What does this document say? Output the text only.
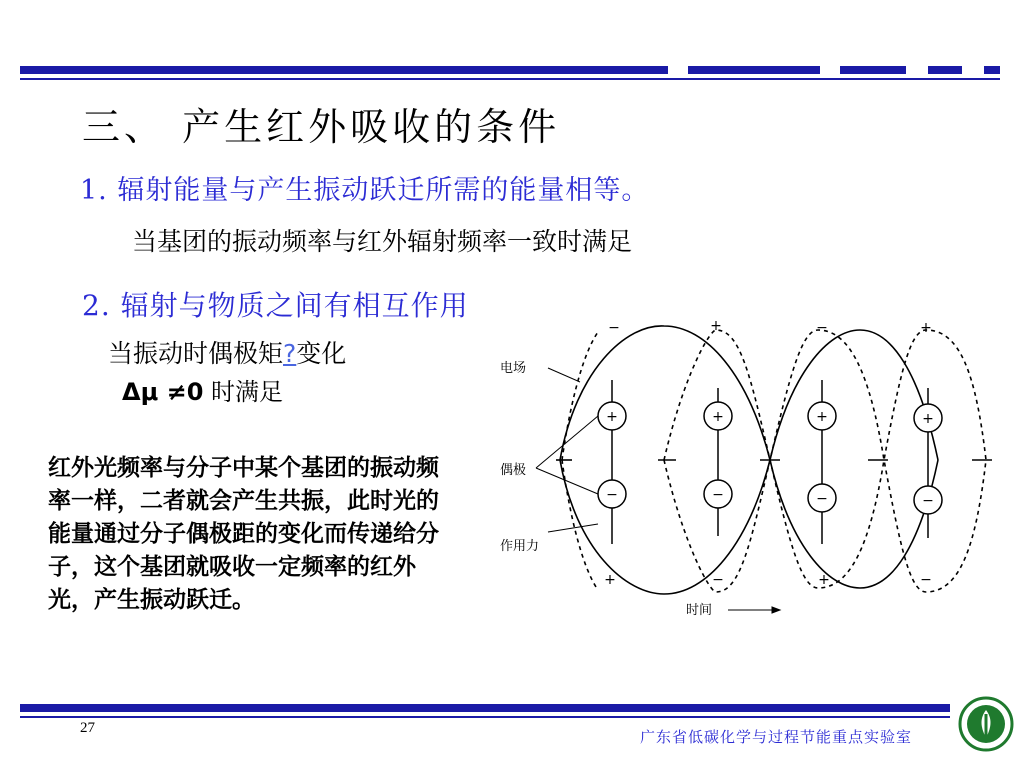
三、 产生红外吸收的条件
1. 辐射能量与产生振动跃迁所需的能量相等。
当基团的振动频率与红外辐射频率一致时满足
2. 辐射与物质之间有相互作用
当振动时偶极矩?变化
Δμ ≠0 时满足
红外光频率与分子中某个基团的振动频率一样，二者就会产生共振，此时光的能量通过分子偶极距的变化而传递给分子，这个基团就吸收一定频率的红外光，产生振动跃迁。
+
−
+
−
+
−
+
−
−	+	−	+
+	−	+	−
电场
偶极
作用力
时间
27	广东省低碳化学与过程节能重点实验室
